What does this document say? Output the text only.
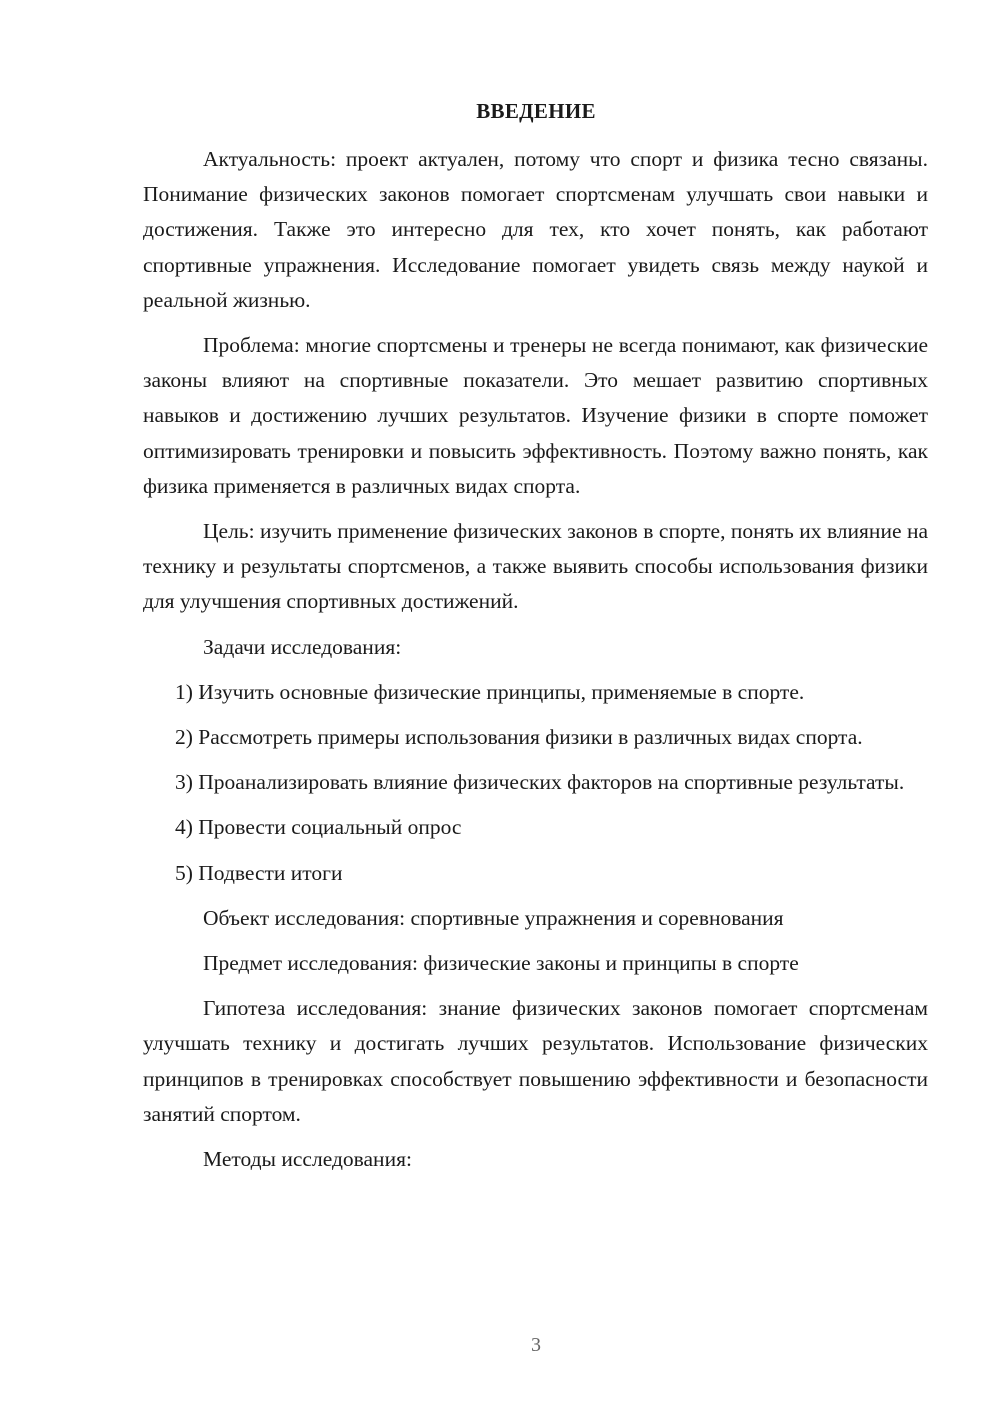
ВВЕДЕНИЕ

Актуальность: проект актуален, потому что спорт и физика тесно связаны. Понимание физических законов помогает спортсменам улучшать свои навыки и достижения. Также это интересно для тех, кто хочет понять, как работают спортивные упражнения. Исследование помогает увидеть связь между наукой и реальной жизнью.

Проблема: многие спортсмены и тренеры не всегда понимают, как физические законы влияют на спортивные показатели. Это мешает развитию спортивных навыков и достижению лучших результатов. Изучение физики в спорте поможет оптимизировать тренировки и повысить эффективность. Поэтому важно понять, как физика применяется в различных видах спорта.

Цель: изучить применение физических законов в спорте, понять их влияние на технику и результаты спортсменов, а также выявить способы использования физики для улучшения спортивных достижений.

Задачи исследования:

1) Изучить основные физические принципы, применяемые в спорте.

2) Рассмотреть примеры использования физики в различных видах спорта.

3) Проанализировать влияние физических факторов на спортивные результаты.

4) Провести социальный опрос

5) Подвести итоги

Объект исследования: спортивные упражнения и соревнования

Предмет исследования: физические законы и принципы в спорте

Гипотеза исследования: знание физических законов помогает спортсменам улучшать технику и достигать лучших результатов. Использование физических принципов в тренировках способствует повышению эффективности и безопасности занятий спортом.

Методы исследования:

3
